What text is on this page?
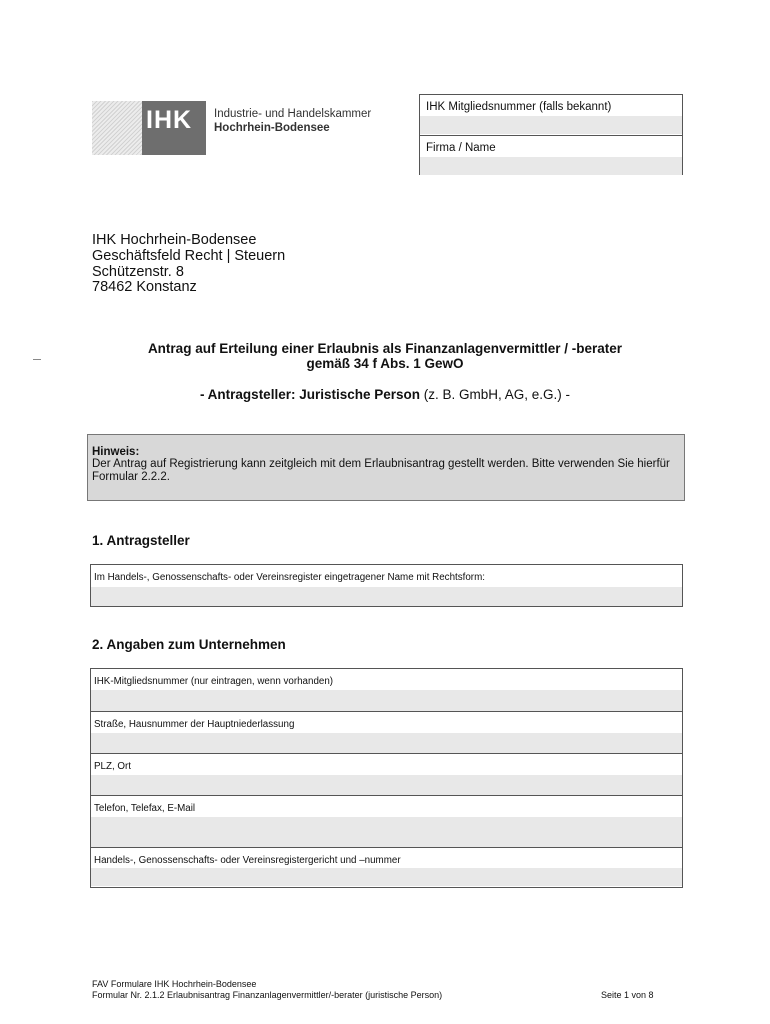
IHK Industrie- und Handelskammer
Hochrhein-Bodensee
IHK Mitgliedsnummer (falls bekannt)
Firma / Name
IHK Hochrhein-Bodensee
Geschäftsfeld Recht | Steuern
Schützenstr. 8
78462 Konstanz
Antrag auf Erteilung einer Erlaubnis als Finanzanlagenvermittler / -berater
gemäß 34 f Abs. 1 GewO
- Antragsteller: Juristische Person (z. B. GmbH, AG, e.G.) -
Hinweis:
Der Antrag auf Registrierung kann zeitgleich mit dem Erlaubnisantrag gestellt werden. Bitte verwenden Sie hierfür Formular 2.2.2.
1. Antragsteller
Im Handels-, Genossenschafts- oder Vereinsregister eingetragener Name mit Rechtsform:
2. Angaben zum Unternehmen
IHK-Mitgliedsnummer (nur eintragen, wenn vorhanden)
Straße, Hausnummer der Hauptniederlassung
PLZ, Ort
Telefon, Telefax, E-Mail
Handels-, Genossenschafts- oder Vereinsregistergericht und –nummer
FAV Formulare IHK Hochrhein-Bodensee
Formular Nr. 2.1.2 Erlaubnisantrag Finanzanlagenvermittler/-berater (juristische Person)	Seite 1 von 8
